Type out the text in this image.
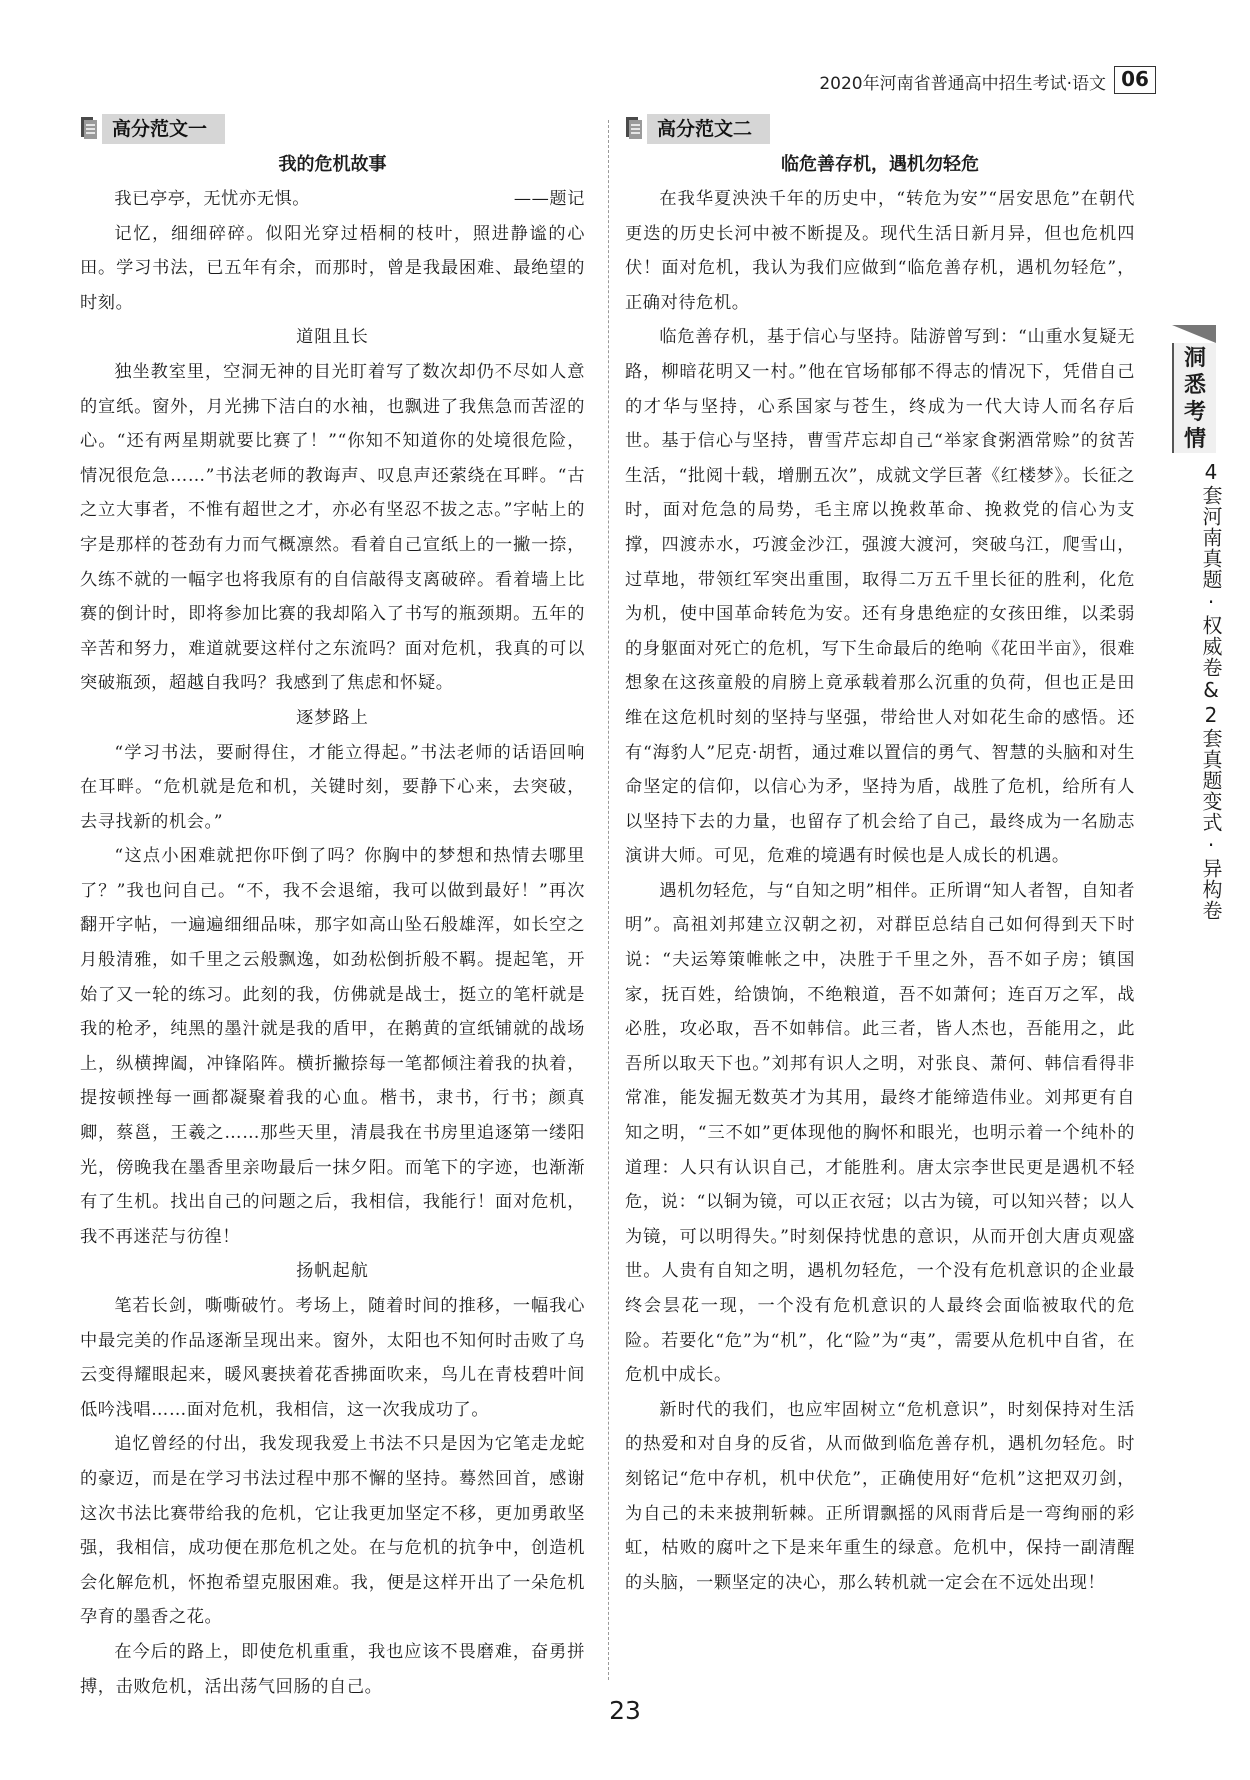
2020年河南省普通高中招生考试·语文 06
高分范文一
我的危机故事

我已亭亭，无忧亦无惧。	——题记

记忆，细细碎碎。似阳光穿过梧桐的枝叶，照进静谧的心田。学习书法，已五年有余，而那时，曾是我最困难、最绝望的时刻。

道阻且长

独坐教室里，空洞无神的目光盯着写了数次却仍不尽如人意的宣纸。窗外，月光拂下洁白的水袖，也飘进了我焦急而苦涩的心。“还有两星期就要比赛了！”“你知不知道你的处境很危险，情况很危急……”书法老师的教诲声、叹息声还萦绕在耳畔。“古之立大事者，不惟有超世之才，亦必有坚忍不拔之志。”字帖上的字是那样的苍劲有力而气概凛然。看着自己宣纸上的一撇一捺，久练不就的一幅字也将我原有的自信敲得支离破碎。看着墙上比赛的倒计时，即将参加比赛的我却陷入了书写的瓶颈期。五年的辛苦和努力，难道就要这样付之东流吗？面对危机，我真的可以突破瓶颈，超越自我吗？我感到了焦虑和怀疑。

逐梦路上

“学习书法，要耐得住，才能立得起。”书法老师的话语回响在耳畔。“危机就是危和机，关键时刻，要静下心来，去突破，去寻找新的机会。”

“这点小困难就把你吓倒了吗？你胸中的梦想和热情去哪里了？”我也问自己。“不，我不会退缩，我可以做到最好！”再次翻开字帖，一遍遍细细品味，那字如高山坠石般雄浑，如长空之月般清雅，如千里之云般飘逸，如劲松倒折般不羁。提起笔，开始了又一轮的练习。此刻的我，仿佛就是战士，挺立的笔杆就是我的枪矛，纯黑的墨汁就是我的盾甲，在鹅黄的宣纸铺就的战场上，纵横捭阖，冲锋陷阵。横折撇捺每一笔都倾注着我的执着，提按顿挫每一画都凝聚着我的心血。楷书，隶书，行书；颜真卿，蔡邕，王羲之……那些天里，清晨我在书房里追逐第一缕阳光，傍晚我在墨香里亲吻最后一抹夕阳。而笔下的字迹，也渐渐有了生机。找出自己的问题之后，我相信，我能行！面对危机，我不再迷茫与彷徨！

扬帆起航

笔若长剑，嘶嘶破竹。考场上，随着时间的推移，一幅我心中最完美的作品逐渐呈现出来。窗外，太阳也不知何时击败了乌云变得耀眼起来，暖风裹挟着花香拂面吹来，鸟儿在青枝碧叶间低吟浅唱……面对危机，我相信，这一次我成功了。

追忆曾经的付出，我发现我爱上书法不只是因为它笔走龙蛇的豪迈，而是在学习书法过程中那不懈的坚持。蓦然回首，感谢这次书法比赛带给我的危机，它让我更加坚定不移，更加勇敢坚强，我相信，成功便在那危机之处。在与危机的抗争中，创造机会化解危机，怀抱希望克服困难。我，便是这样开出了一朵危机孕育的墨香之花。

在今后的路上，即使危机重重，我也应该不畏磨难，奋勇拼搏，击败危机，活出荡气回肠的自己。

高分范文二
临危善存机，遇机勿轻危

在我华夏泱泱千年的历史中，“转危为安”“居安思危”在朝代更迭的历史长河中被不断提及。现代生活日新月异，但也危机四伏！面对危机，我认为我们应做到“临危善存机，遇机勿轻危”，正确对待危机。

临危善存机，基于信心与坚持。陆游曾写到：“山重水复疑无路，柳暗花明又一村。”他在官场郁郁不得志的情况下，凭借自己的才华与坚持，心系国家与苍生，终成为一代大诗人而名存后世。基于信心与坚持，曹雪芹忘却自己“举家食粥酒常赊”的贫苦生活，“批阅十载，增删五次”，成就文学巨著《红楼梦》。长征之时，面对危急的局势，毛主席以挽救革命、挽救党的信心为支撑，四渡赤水，巧渡金沙江，强渡大渡河，突破乌江，爬雪山，过草地，带领红军突出重围，取得二万五千里长征的胜利，化危为机，使中国革命转危为安。还有身患绝症的女孩田维，以柔弱的身躯面对死亡的危机，写下生命最后的绝响《花田半亩》，很难想象在这孩童般的肩膀上竟承载着那么沉重的负荷，但也正是田维在这危机时刻的坚持与坚强，带给世人对如花生命的感悟。还有“海豹人”尼克·胡哲，通过难以置信的勇气、智慧的头脑和对生命坚定的信仰，以信心为矛，坚持为盾，战胜了危机，给所有人以坚持下去的力量，也留存了机会给了自己，最终成为一名励志演讲大师。可见，危难的境遇有时候也是人成长的机遇。

遇机勿轻危，与“自知之明”相伴。正所谓“知人者智，自知者明”。高祖刘邦建立汉朝之初，对群臣总结自己如何得到天下时说：“夫运筹策帷帐之中，决胜于千里之外，吾不如子房；镇国家，抚百姓，给馈饷，不绝粮道，吾不如萧何；连百万之军，战必胜，攻必取，吾不如韩信。此三者，皆人杰也，吾能用之，此吾所以取天下也。”刘邦有识人之明，对张良、萧何、韩信看得非常准，能发掘无数英才为其用，最终才能缔造伟业。刘邦更有自知之明，“三不如”更体现他的胸怀和眼光，也明示着一个纯朴的道理：人只有认识自己，才能胜利。唐太宗李世民更是遇机不轻危，说：“以铜为镜，可以正衣冠；以古为镜，可以知兴替；以人为镜，可以明得失。”时刻保持忧患的意识，从而开创大唐贞观盛世。人贵有自知之明，遇机勿轻危，一个没有危机意识的企业最终会昙花一现，一个没有危机意识的人最终会面临被取代的危险。若要化“危”为“机”，化“险”为“夷”，需要从危机中自省，在危机中成长。

新时代的我们，也应牢固树立“危机意识”，时刻保持对生活的热爱和对自身的反省，从而做到临危善存机，遇机勿轻危。时刻铭记“危中存机，机中伏危”，正确使用好“危机”这把双刃剑，为自己的未来披荆斩棘。正所谓飘摇的风雨背后是一弯绚丽的彩虹，枯败的腐叶之下是来年重生的绿意。危机中，保持一副清醒的头脑，一颗坚定的决心，那么转机就一定会在不远处出现！

洞悉考情
4套河南真题·权威卷&2套真题变式·异构卷
23
